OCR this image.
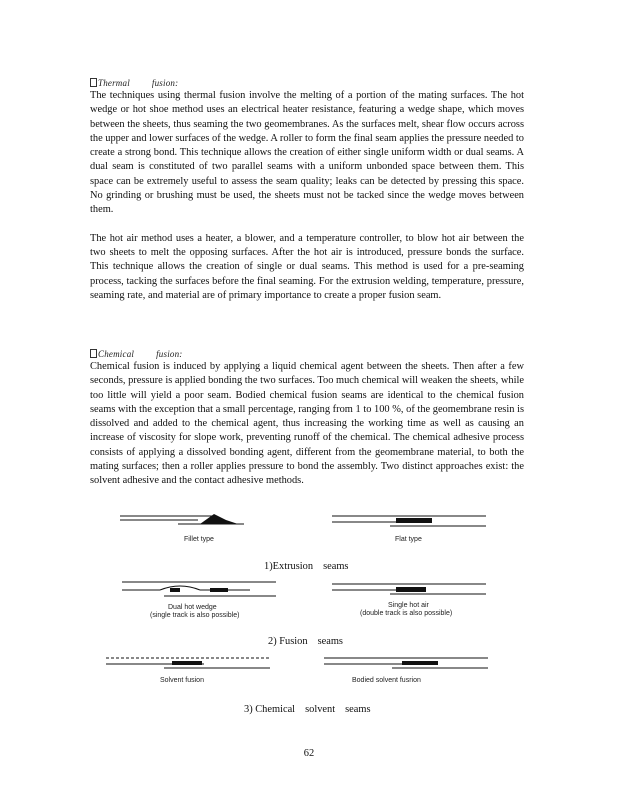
Thermal fusion:

The techniques using thermal fusion involve the melting of a portion of the mating surfaces. The hot wedge or hot shoe method uses an electrical heater resistance, featuring a wedge shape, which moves between the sheets, thus seaming the two geomembranes. As the surfaces melt, shear flow occurs across the upper and lower surfaces of the wedge. A roller to form the final seam applies the pressure needed to create a strong bond. This technique allows the creation of either single uniform width or dual seams. A dual seam is constituted of two parallel seams with a uniform unbonded space between them. This space can be extremely useful to assess the seam quality; leaks can be detected by pressing this space. No grinding or brushing must be used, the sheets must not be tacked since the wedge moves between them.

The hot air method uses a heater, a blower, and a temperature controller, to blow hot air between the two sheets to melt the opposing surfaces. After the hot air is introduced, pressure bonds the surface. This technique allows the creation of single or dual seams. This method is used for a pre-seaming process, tacking the surfaces before the final seaming. For the extrusion welding, temperature, pressure, seaming rate, and material are of primary importance to create a proper fusion seam.

Chemical fusion:

Chemical fusion is induced by applying a liquid chemical agent between the sheets. Then after a few seconds, pressure is applied bonding the two surfaces. Too much chemical will weaken the sheets, while too little will yield a poor seam. Bodied chemical fusion seams are identical to the chemical fusion seams with the exception that a small percentage, ranging from 1 to 100 %, of the geomembrane resin is dissolved and added to the chemical agent, thus increasing the working time as well as causing an increase of viscosity for slope work, preventing runoff of the chemical. The chemical adhesive process consists of applying a dissolved bonding agent, different from the geomembrane material, to both the mating surfaces; then a roller applies pressure to bond the assembly. Two distinct approaches exist: the solvent adhesive and the contact adhesive methods.

Fillet type	Flat type
1)Extrusion seams
Dual hot wedge
(single track is also possible)
Single hot air
(double track is also possible)
2) Fusion seams
Solvent fusion	Bodied solvent fusrion
3) Chemical solvent seams
62
